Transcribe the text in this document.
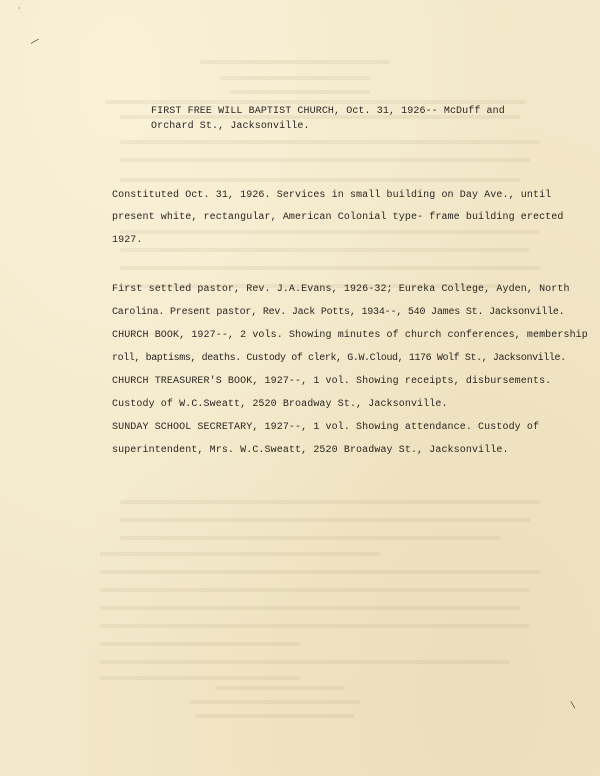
—
·
FIRST FREE WILL BAPTIST CHURCH, Oct. 31, 1926-- McDuff and
Orchard St., Jacksonville.
Constituted Oct. 31, 1926. Services in small building on Day Ave., until
present white, rectangular, American Colonial type- frame building erected
1927.
First settled pastor, Rev. J.A.Evans, 1926-32; Eureka College, Ayden, North
Carolina. Present pastor, Rev. Jack Potts, 1934--, 540 James St. Jacksonville.
CHURCH BOOK, 1927--, 2 vols. Showing minutes of church conferences, membership
roll, baptisms, deaths. Custody of clerk, G.W.Cloud, 1176 Wolf St., Jacksonville.
CHURCH TREASURER'S BOOK, 1927--, 1 vol. Showing receipts, disbursements.
Custody of W.C.Sweatt, 2520 Broadway St., Jacksonville.
SUNDAY SCHOOL SECRETARY, 1927--, 1 vol. Showing attendance. Custody of
superintendent, Mrs. W.C.Sweatt, 2520 Broadway St., Jacksonville.
—
